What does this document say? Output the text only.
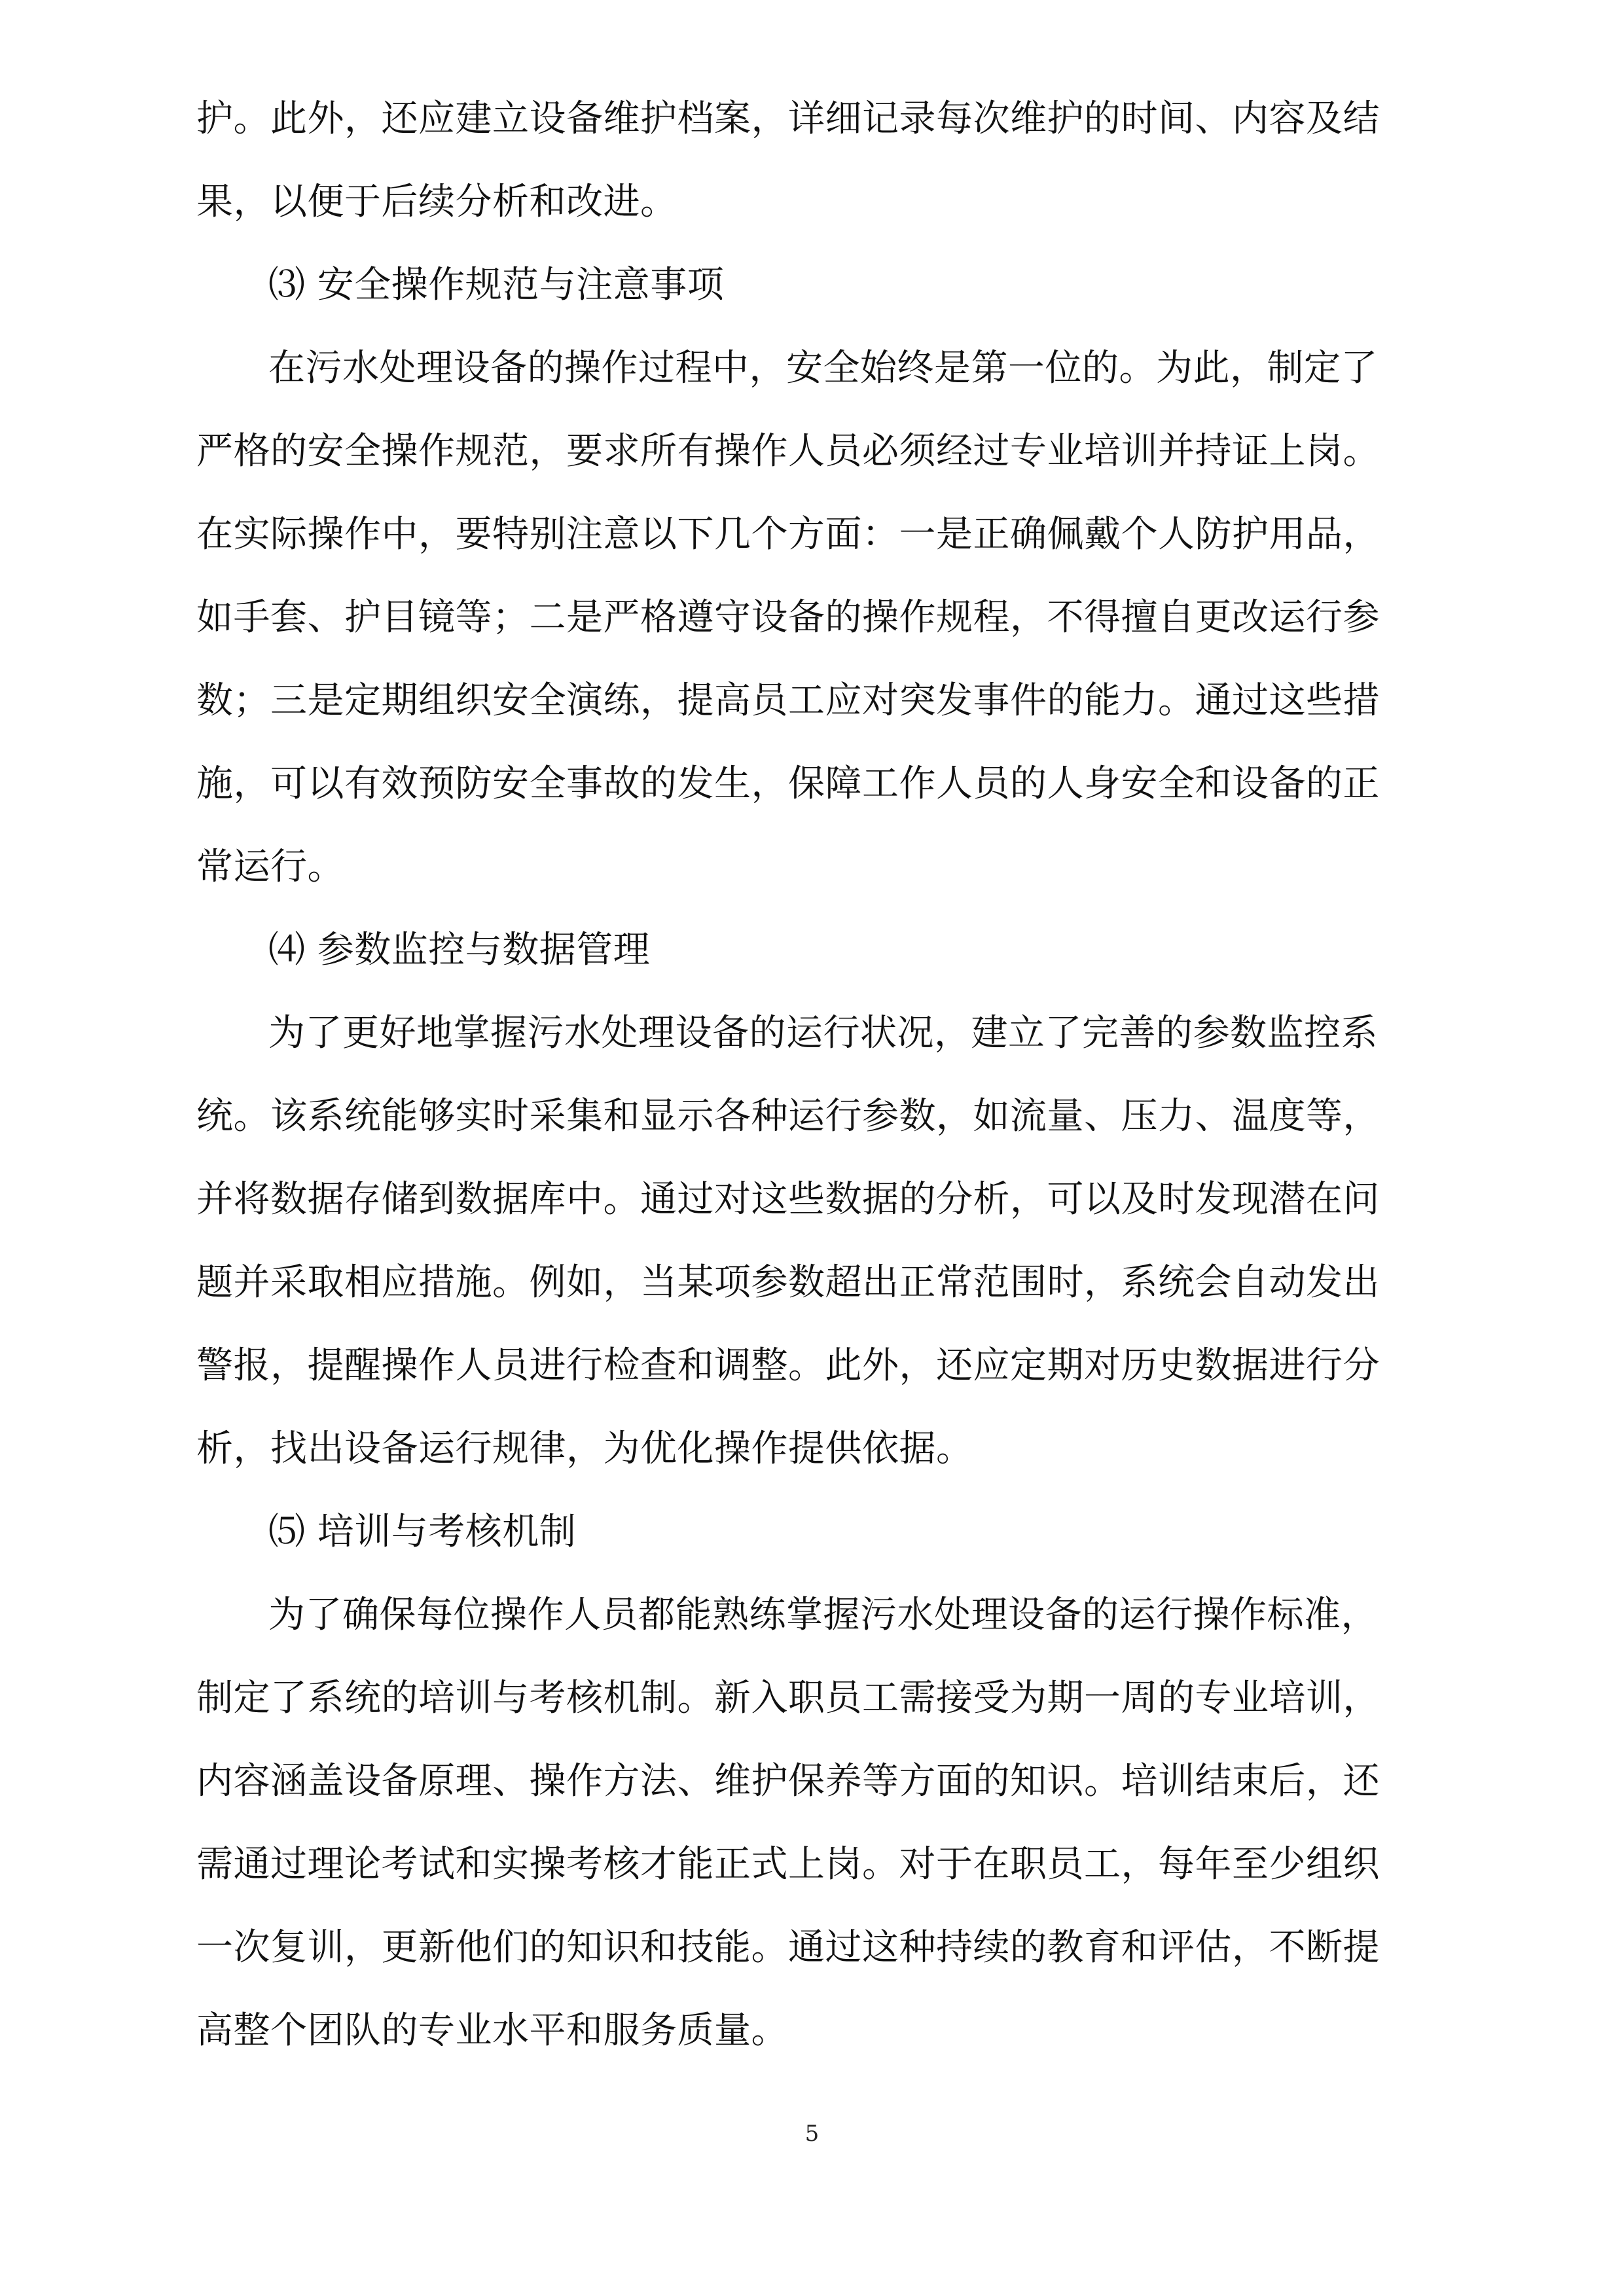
护。此外，还应建立设备维护档案，详细记录每次维护的时间、内容及结
果，以便于后续分析和改进。
⑶ 安全操作规范与注意事项
在污水处理设备的操作过程中，安全始终是第一位的。为此，制定了
严格的安全操作规范，要求所有操作人员必须经过专业培训并持证上岗。
在实际操作中，要特别注意以下几个方面：一是正确佩戴个人防护用品，
如手套、护目镜等；二是严格遵守设备的操作规程，不得擅自更改运行参
数；三是定期组织安全演练，提高员工应对突发事件的能力。通过这些措
施，可以有效预防安全事故的发生，保障工作人员的人身安全和设备的正
常运行。
⑷ 参数监控与数据管理
为了更好地掌握污水处理设备的运行状况，建立了完善的参数监控系
统。该系统能够实时采集和显示各种运行参数，如流量、压力、温度等，
并将数据存储到数据库中。通过对这些数据的分析，可以及时发现潜在问
题并采取相应措施。例如，当某项参数超出正常范围时，系统会自动发出
警报，提醒操作人员进行检查和调整。此外，还应定期对历史数据进行分
析，找出设备运行规律，为优化操作提供依据。
⑸ 培训与考核机制
为了确保每位操作人员都能熟练掌握污水处理设备的运行操作标准，
制定了系统的培训与考核机制。新入职员工需接受为期一周的专业培训，
内容涵盖设备原理、操作方法、维护保养等方面的知识。培训结束后，还
需通过理论考试和实操考核才能正式上岗。对于在职员工，每年至少组织
一次复训，更新他们的知识和技能。通过这种持续的教育和评估，不断提
高整个团队的专业水平和服务质量。
5
